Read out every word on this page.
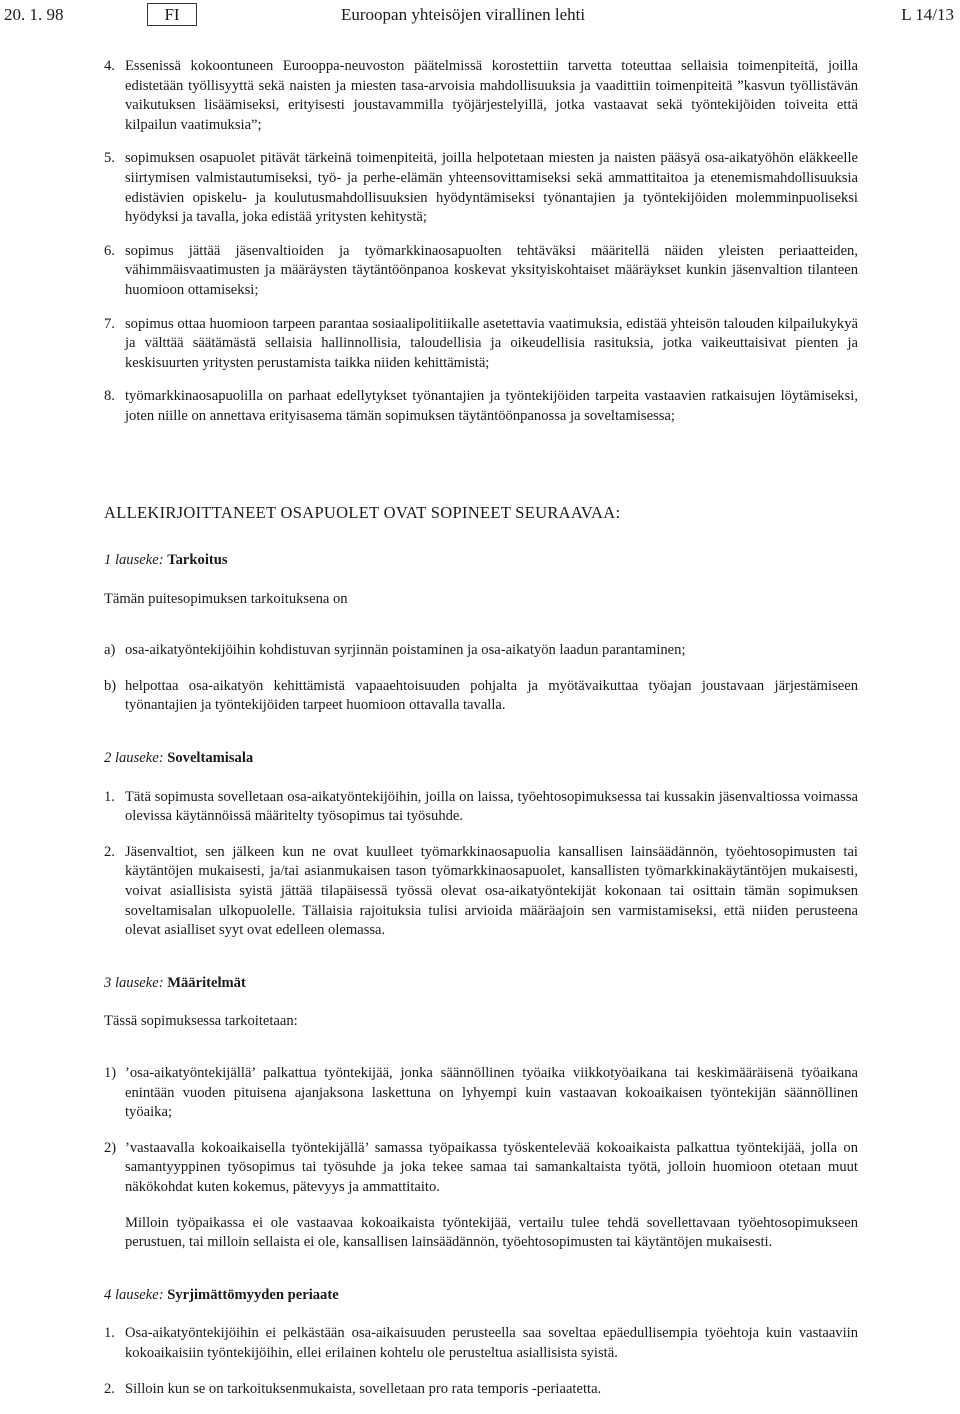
20. 1. 98	FI	Euroopan yhteisöjen virallinen lehti	L 14/13
4. Essenissä kokoontuneen Eurooppa-neuvoston päätelmissä korostettiin tarvetta toteuttaa sellaisia toimenpiteitä, joilla edistetään työllisyyttä sekä naisten ja miesten tasa-arvoisia mahdollisuuksia ja vaadittiin toimenpiteitä ”kasvun työllistävän vaikutuksen lisäämiseksi, erityisesti joustavammilla työjärjestelyillä, jotka vastaavat sekä työntekijöiden toiveita että kilpailun vaatimuksia”;
5. sopimuksen osapuolet pitävät tärkeinä toimenpiteitä, joilla helpotetaan miesten ja naisten pääsyä osa-aikatyöhön eläkkeelle siirtymisen valmistautumiseksi, työ- ja perhe-elämän yhteensovittamiseksi sekä ammattitaitoa ja etenemismahdollisuuksia edistävien opiskelu- ja koulutusmahdollisuuksien hyödyntämiseksi työnantajien ja työntekijöiden molemminpuoliseksi hyödyksi ja tavalla, joka edistää yritysten kehitystä;
6. sopimus jättää jäsenvaltioiden ja työmarkkinaosapuolten tehtäväksi määritellä näiden yleisten periaatteiden, vähimmäisvaatimusten ja määräysten täytäntöönpanoa koskevat yksityiskohtaiset määräykset kunkin jäsenvaltion tilanteen huomioon ottamiseksi;
7. sopimus ottaa huomioon tarpeen parantaa sosiaalipolitiikalle asetettavia vaatimuksia, edistää yhteisön talouden kilpailukykyä ja välttää säätämästä sellaisia hallinnollisia, taloudellisia ja oikeudellisia rasituksia, jotka vaikeuttaisivat pienten ja keskisuurten yritysten perustamista taikka niiden kehittämistä;
8. työmarkkinaosapuolilla on parhaat edellytykset työnantajien ja työntekijöiden tarpeita vastaavien ratkaisujen löytämiseksi, joten niille on annettava erityisasema tämän sopimuksen täytäntöönpanossa ja soveltamisessa;
ALLEKIRJOITTANEET OSAPUOLET OVAT SOPINEET SEURAAVAA:
1 lauseke: Tarkoitus
Tämän puitesopimuksen tarkoituksena on
a) osa-aikatyöntekijöihin kohdistuvan syrjinnän poistaminen ja osa-aikatyön laadun parantaminen;
b) helpottaa osa-aikatyön kehittämistä vapaaehtoisuuden pohjalta ja myötävaikuttaa työajan joustavaan järjestämiseen työnantajien ja työntekijöiden tarpeet huomioon ottavalla tavalla.
2 lauseke: Soveltamisala
1. Tätä sopimusta sovelletaan osa-aikatyöntekijöihin, joilla on laissa, työehtosopimuksessa tai kussakin jäsenvaltiossa voimassa olevissa käytännöissä määritelty työsopimus tai työsuhde.
2. Jäsenvaltiot, sen jälkeen kun ne ovat kuulleet työmarkkinaosapuolia kansallisen lainsäädännön, työehtosopimusten tai käytäntöjen mukaisesti, ja/tai asianmukaisen tason työmarkkinaosapuolet, kansallisten työmarkkinakäytäntöjen mukaisesti, voivat asiallisista syistä jättää tilapäisessä työssä olevat osa-aikatyöntekijät kokonaan tai osittain tämän sopimuksen soveltamisalan ulkopuolelle. Tällaisia rajoituksia tulisi arvioida määräajoin sen varmistamiseksi, että niiden perusteena olevat asialliset syyt ovat edelleen olemassa.
3 lauseke: Määritelmät
Tässä sopimuksessa tarkoitetaan:
1) ’osa-aikatyöntekijällä’ palkattua työntekijää, jonka säännöllinen työaika viikkotyöaikana tai keskimääräisenä työaikana enintään vuoden pituisena ajanjaksona laskettuna on lyhyempi kuin vastaavan kokoaikaisen työntekijän säännöllinen työaika;
2) ’vastaavalla kokoaikaisella työntekijällä’ samassa työpaikassa työskentelevää kokoaikaista palkattua työntekijää, jolla on samantyyppinen työsopimus tai työsuhde ja joka tekee samaa tai samankaltaista työtä, jolloin huomioon otetaan muut näkökohdat kuten kokemus, pätevyys ja ammattitaito.
Milloin työpaikassa ei ole vastaavaa kokoaikaista työntekijää, vertailu tulee tehdä sovellettavaan työehtosopimukseen perustuen, tai milloin sellaista ei ole, kansallisen lainsäädännön, työehtosopimusten tai käytäntöjen mukaisesti.
4 lauseke: Syrjimättömyyden periaate
1. Osa-aikatyöntekijöihin ei pelkästään osa-aikaisuuden perusteella saa soveltaa epäedullisempia työehtoja kuin vastaaviin kokoaikaisiin työntekijöihin, ellei erilainen kohtelu ole perusteltua asiallisista syistä.
2. Silloin kun se on tarkoituksenmukaista, sovelletaan pro rata temporis -periaatetta.
